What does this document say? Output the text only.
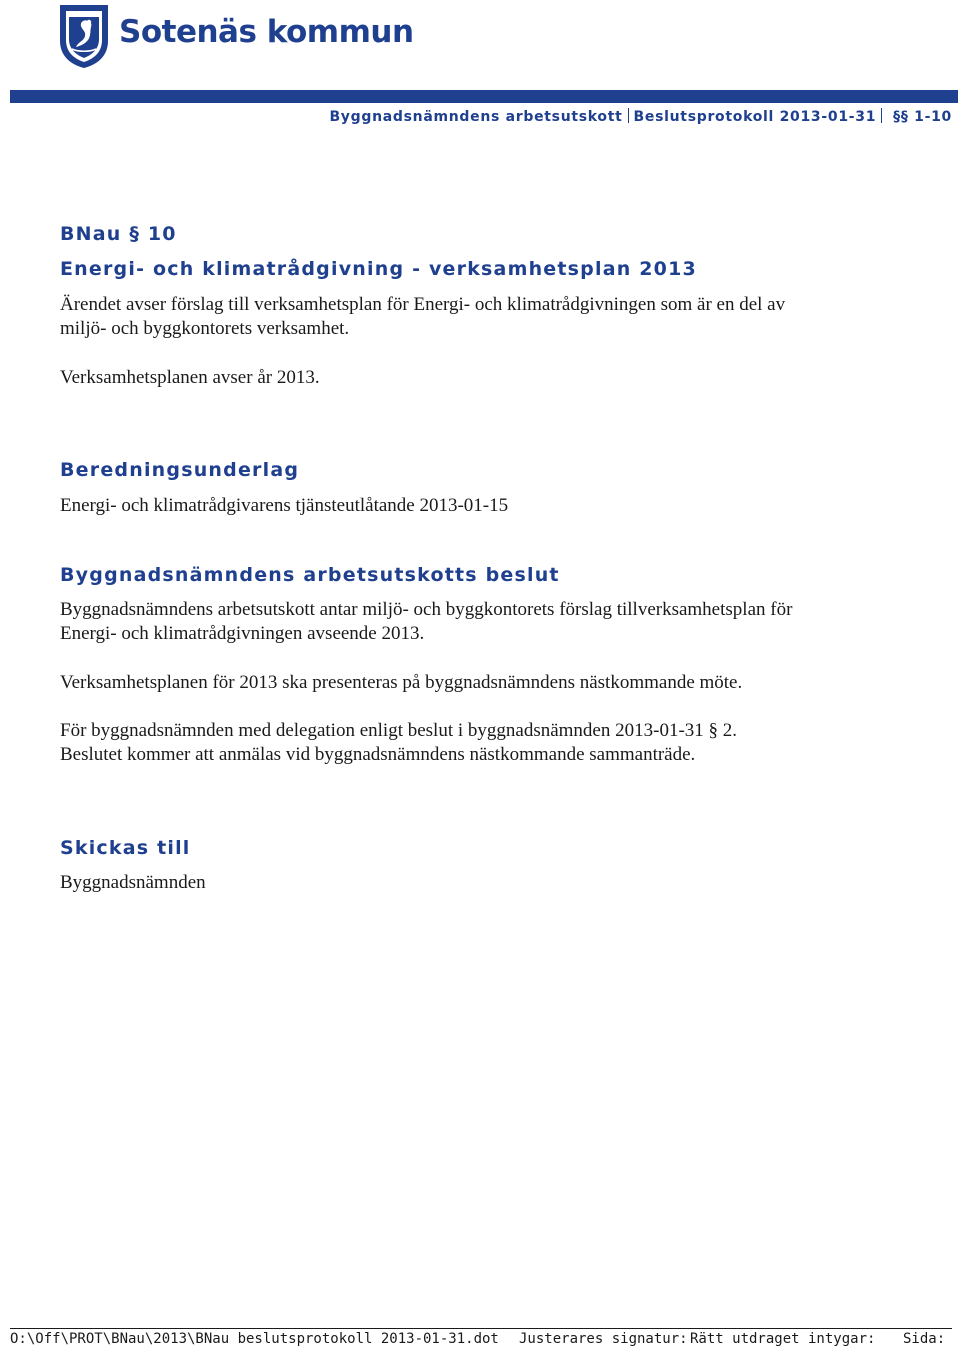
Sotenäs kommun
Byggnadsnämndens arbetsutskott Beslutsprotokoll 2013-01-31 §§ 1-10
BNau § 10
Energi- och klimatrådgivning - verksamhetsplan 2013
Ärendet avser förslag till verksamhetsplan för Energi- och klimatrådgivningen som är en del av
miljö- och byggkontorets verksamhet.
Verksamhetsplanen avser år 2013.
Beredningsunderlag
Energi- och klimatrådgivarens tjänsteutlåtande 2013-01-15
Byggnadsnämndens arbetsutskotts beslut
Byggnadsnämndens arbetsutskott antar miljö- och byggkontorets förslag tillverksamhetsplan för
Energi- och klimatrådgivningen avseende 2013.
Verksamhetsplanen för 2013 ska presenteras på byggnadsnämndens nästkommande möte.
För byggnadsnämnden med delegation enligt beslut i byggnadsnämnden 2013-01-31 § 2.
Beslutet kommer att anmälas vid byggnadsnämndens nästkommande sammanträde.
Skickas till
Byggnadsnämnden
O:\Off\PROT\BNau\2013\BNau beslutsprotokoll 2013-01-31.dot Justerares signatur: Rätt utdraget intygar: Sida:
